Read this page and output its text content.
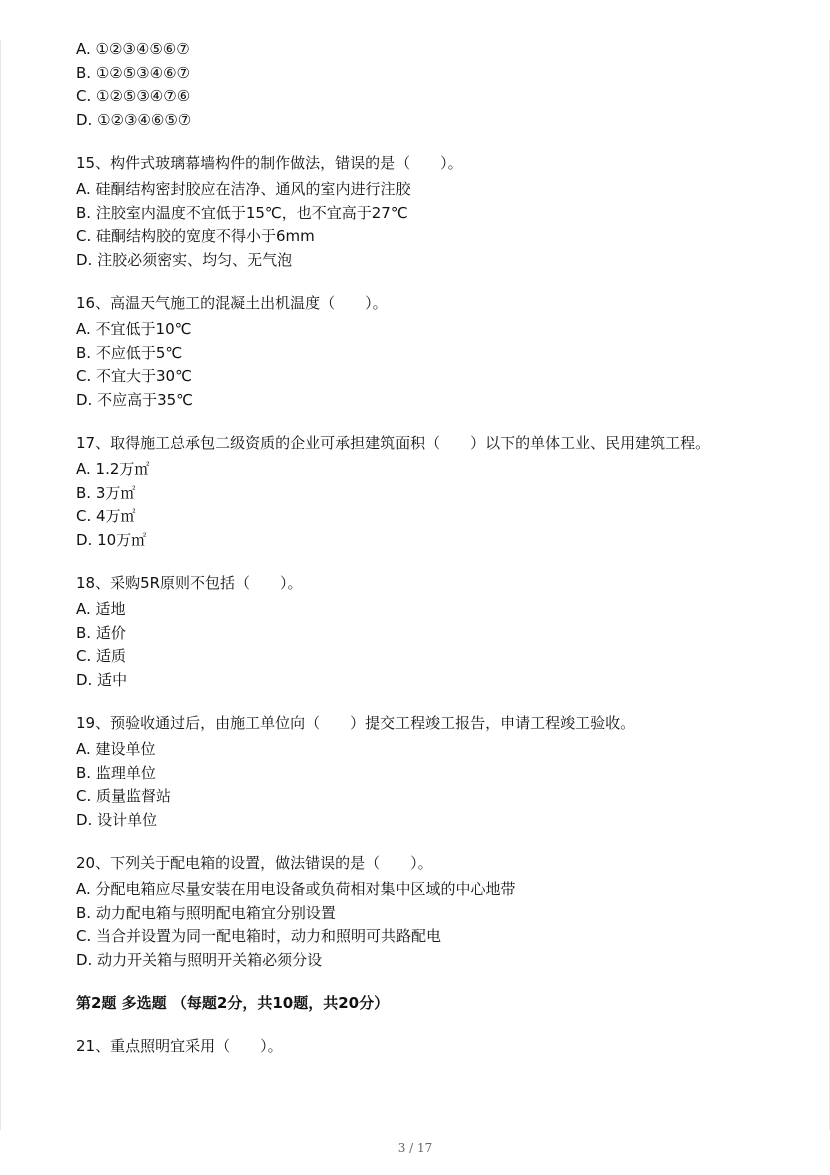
A. ①②③④⑤⑥⑦
B. ①②⑤③④⑥⑦
C. ①②⑤③④⑦⑥
D. ①②③④⑥⑤⑦
15、构件式玻璃幕墙构件的制作做法，错误的是（　　）。
A. 硅酮结构密封胶应在洁净、通风的室内进行注胶
B. 注胶室内温度不宜低于15℃，也不宜高于27℃
C. 硅酮结构胶的宽度不得小于6mm
D. 注胶必须密实、均匀、无气泡
16、高温天气施工的混凝土出机温度（　　）。
A. 不宜低于10℃
B. 不应低于5℃
C. 不宜大于30℃
D. 不应高于35℃
17、取得施工总承包二级资质的企业可承担建筑面积（　　）以下的单体工业、民用建筑工程。
A. 1.2万㎡
B. 3万㎡
C. 4万㎡
D. 10万㎡
18、采购5R原则不包括（　　）。
A. 适地
B. 适价
C. 适质
D. 适中
19、预验收通过后，由施工单位向（　　）提交工程竣工报告，申请工程竣工验收。
A. 建设单位
B. 监理单位
C. 质量监督站
D. 设计单位
20、下列关于配电箱的设置，做法错误的是（　　）。
A. 分配电箱应尽量安装在用电设备或负荷相对集中区域的中心地带
B. 动力配电箱与照明配电箱宜分别设置
C. 当合并设置为同一配电箱时，动力和照明可共路配电
D. 动力开关箱与照明开关箱必须分设
第2题 多选题 （每题2分，共10题，共20分）
21、重点照明宜采用（　　）。
3 / 17
